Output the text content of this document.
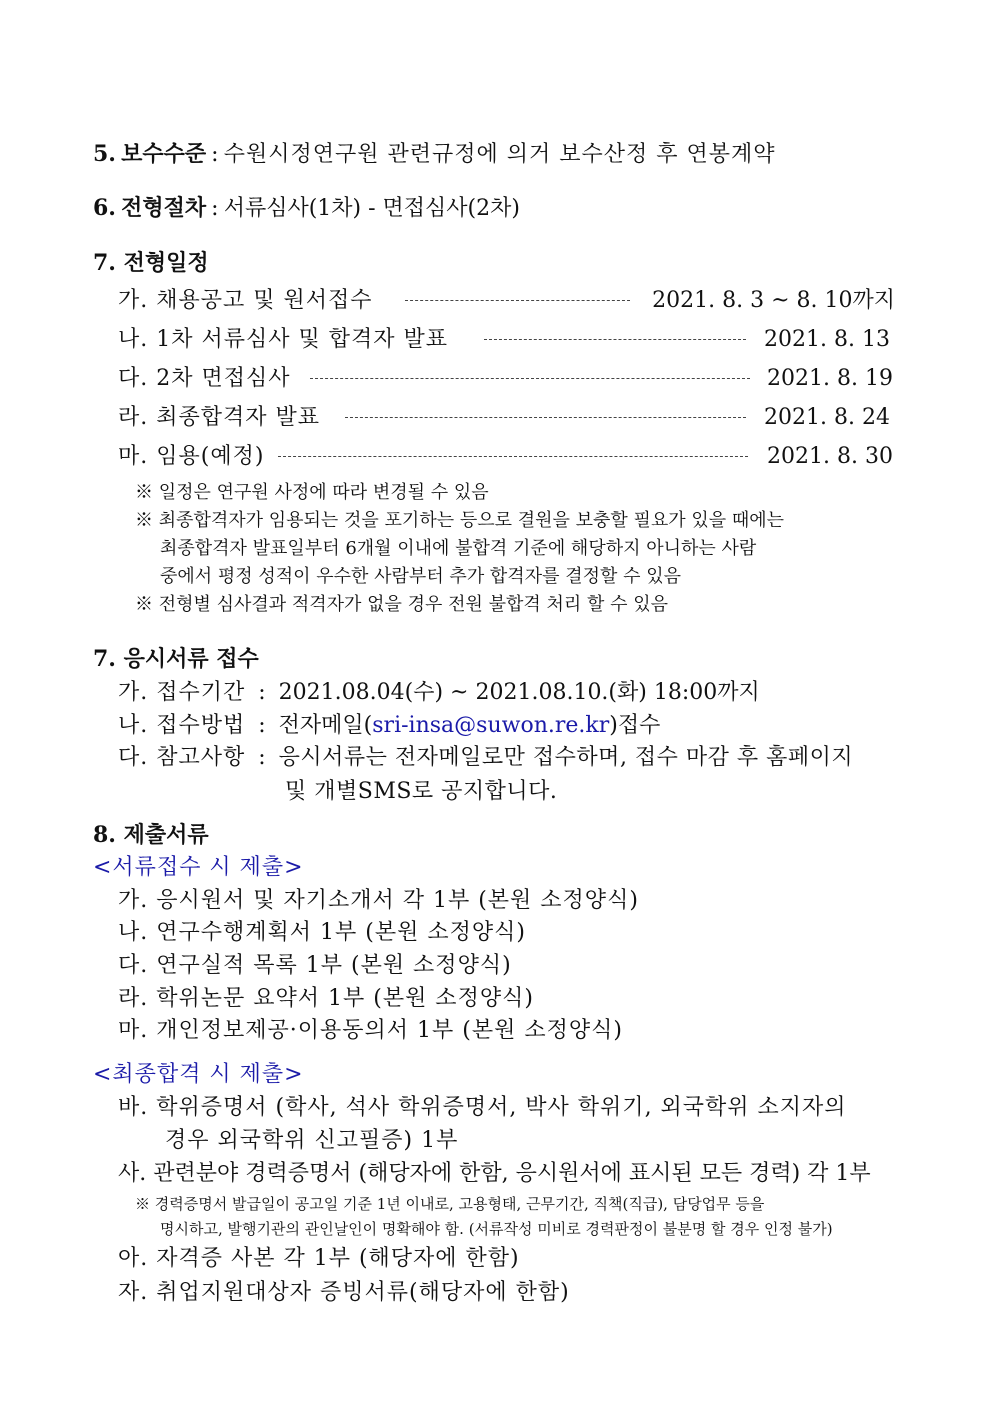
5. 보수수준 : 수원시정연구원 관련규정에 의거 보수산정 후 연봉계약
6. 전형절차 : 서류심사(1차) - 면접심사(2차)
7. 전형일정
가. 채용공고 및 원서접수	2021. 8. 3 ~ 8. 10까지
나. 1차 서류심사 및 합격자 발표	2021. 8. 13
다. 2차 면접심사	2021. 8. 19
라. 최종합격자 발표	2021. 8. 24
마. 임용(예정)	2021. 8. 30
※ 일정은 연구원 사정에 따라 변경될 수 있음
※ 최종합격자가 임용되는 것을 포기하는 등으로 결원을 보충할 필요가 있을 때에는
최종합격자 발표일부터 6개월 이내에 불합격 기준에 해당하지 아니하는 사람
중에서 평정 성적이 우수한 사람부터 추가 합격자를 결정할 수 있음
※ 전형별 심사결과 적격자가 없을 경우 전원 불합격 처리 할 수 있음
7. 응시서류 접수
가. 접수기간 : 2021.08.04(수) ~ 2021.08.10.(화) 18:00까지
나. 접수방법 : 전자메일(sri-insa@suwon.re.kr)접수
다. 참고사항 : 응시서류는 전자메일로만 접수하며, 접수 마감 후 홈페이지
및 개별SMS로 공지합니다.
8. 제출서류
<서류접수 시 제출>
가. 응시원서 및 자기소개서 각 1부 (본원 소정양식)
나. 연구수행계획서 1부 (본원 소정양식)
다. 연구실적 목록 1부 (본원 소정양식)
라. 학위논문 요약서 1부 (본원 소정양식)
마. 개인정보제공·이용동의서 1부 (본원 소정양식)
<최종합격 시 제출>
바. 학위증명서 (학사, 석사 학위증명서, 박사 학위기, 외국학위 소지자의
경우 외국학위 신고필증) 1부
사. 관련분야 경력증명서 (해당자에 한함, 응시원서에 표시된 모든 경력) 각 1부
※ 경력증명서 발급일이 공고일 기준 1년 이내로, 고용형태, 근무기간, 직책(직급), 담당업무 등을
명시하고, 발행기관의 관인날인이 명확해야 함. (서류작성 미비로 경력판정이 불분명 할 경우 인정 불가)
아. 자격증 사본 각 1부 (해당자에 한함)
자. 취업지원대상자 증빙서류(해당자에 한함)
